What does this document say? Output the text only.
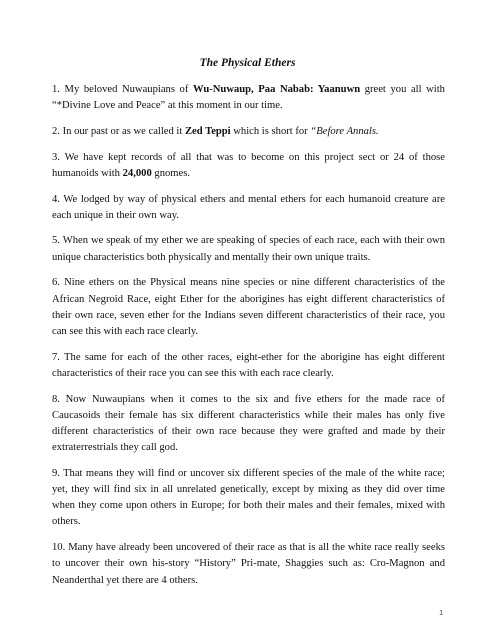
The Physical Ethers

1. My beloved Nuwaupians of Wu-Nuwaup, Paa Nabab: Yaanuwn greet you all with “*Divine Love and Peace” at this moment in our time.

2. In our past or as we called it Zed Teppi which is short for “Before Annals.

3. We have kept records of all that was to become on this project sect or 24 of those humanoids with 24,000 gnomes.

4. We lodged by way of physical ethers and mental ethers for each humanoid creature are each unique in their own way.

5. When we speak of my ether we are speaking of species of each race, each with their own unique characteristics both physically and mentally their own unique traits.

6. Nine ethers on the Physical means nine species or nine different characteristics of the African Negroid Race, eight Ether for the aborigines has eight different characteristics of their own race, seven ether for the Indians seven different characteristics of their race, you can see this with each race clearly.

7. The same for each of the other races, eight-ether for the aborigine has eight different characteristics of their race you can see this with each race clearly.

8. Now Nuwaupians when it comes to the six and five ethers for the made race of Caucasoids their female has six different characteristics while their males has only five different characteristics of their own race because they were grafted and made by their extraterrestrials they call god.

9. That means they will find or uncover six different species of the male of the white race; yet, they will find six in all unrelated genetically, except by mixing as they did over time when they come upon others in Europe; for both their males and their females, mixed with others.

10. Many have already been uncovered of their race as that is all the white race really seeks to uncover their own his-story “History” Pri-mate, Shaggies such as: Cro-Magnon and Neanderthal yet there are 4 others.

1
